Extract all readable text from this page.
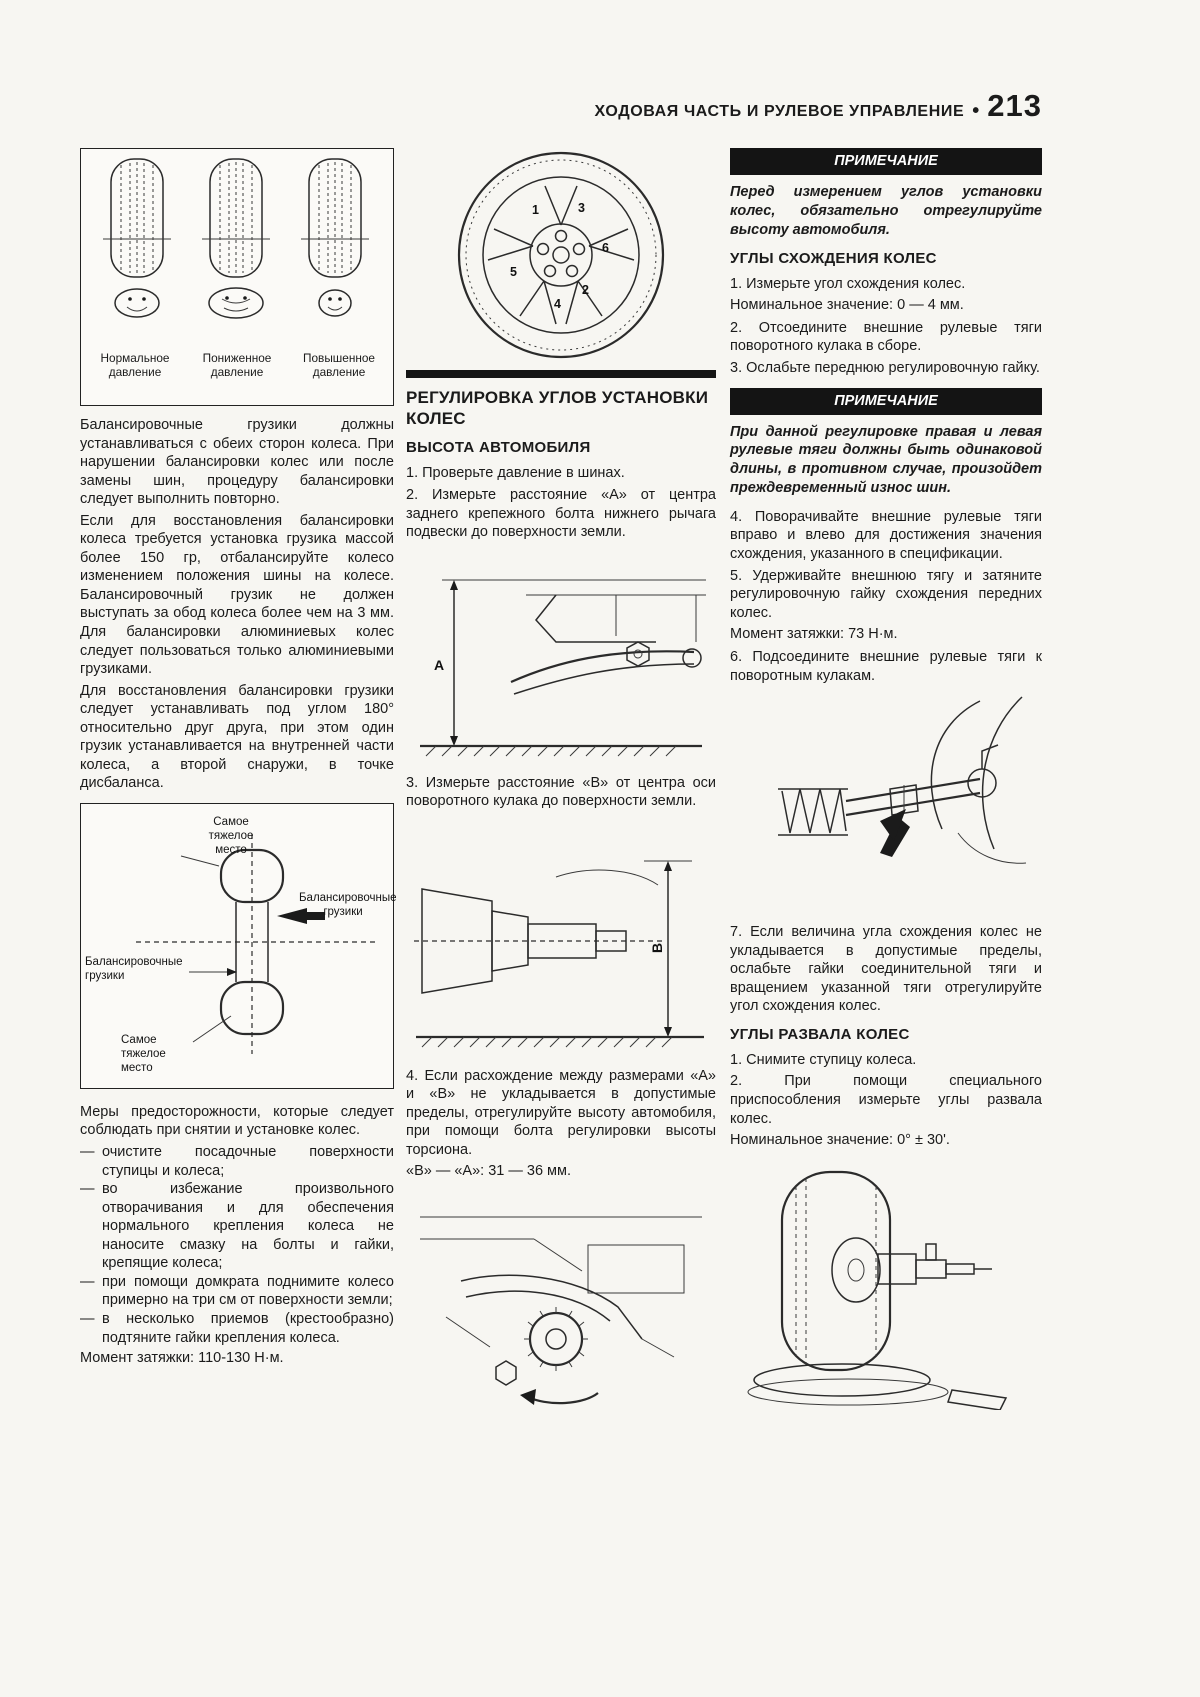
ХОДОВАЯ ЧАСТЬ И РУЛЕВОЕ УПРАВЛЕНИЕ • 213
Нормальное давление
Пониженное давление
Повышенное давление
Балансировочные грузики должны устанавливаться с обеих сторон колеса. При нарушении балансировки колес или после замены шин, процедуру балансировки следует выполнить повторно.
Если для восстановления балансировки колеса требуется установка грузика массой более 150 гр, отбалансируйте колесо изменением положения шины на колесе. Балансировочный грузик не должен выступать за обод колеса более чем на 3 мм. Для балансировки алюминиевых колес следует пользоваться только алюминиевыми грузиками.
Для восстановления балансировки грузики следует устанавливать под углом 180° относительно друг друга, при этом один грузик устанавливается на внутренней части колеса, а второй снаружи, в точке дисбаланса.
Самое тяжелое место
Балансировочные грузики
Балансировочные грузики
Самое тяжелое место
Меры предосторожности, которые следует соблюдать при снятии и установке колес.
— очистите посадочные поверхности ступицы и колеса;
— во избежание произвольного отворачивания и для обеспечения нормального крепления колеса не наносите смазку на болты и гайки, крепящие колеса;
— при помощи домкрата поднимите колесо примерно на три см от поверхности земли;
— в несколько приемов (крестообразно) подтяните гайки крепления колеса.
Момент затяжки: 110-130 Н·м.
1	3
6
5
4
2
РЕГУЛИРОВКА УГЛОВ УСТАНОВКИ КОЛЕС
ВЫСОТА АВТОМОБИЛЯ
1. Проверьте давление в шинах.
2. Измерьте расстояние «А» от центра заднего крепежного болта нижнего рычага подвески до поверхности земли.
А
3. Измерьте расстояние «В» от центра оси поворотного кулака до поверхности земли.
В
4. Если расхождение между размерами «А» и «В» не укладывается в допустимые пределы, отрегулируйте высоту автомобиля, при помощи болта регулировки высоты торсиона.
«В» — «А»: 31 — 36 мм.
ПРИМЕЧАНИЕ
Перед измерением углов установки колес, обязательно отрегулируйте высоту автомобиля.
УГЛЫ СХОЖДЕНИЯ КОЛЕС
1. Измерьте угол схождения колес.
Номинальное значение: 0 — 4 мм.
2. Отсоедините внешние рулевые тяги поворотного кулака в сборе.
3. Ослабьте переднюю регулировочную гайку.
ПРИМЕЧАНИЕ
При данной регулировке правая и левая рулевые тяги должны быть одинаковой длины, в противном случае, произойдет преждевременный износ шин.
4. Поворачивайте внешние рулевые тяги вправо и влево для достижения значения схождения, указанного в спецификации.
5. Удерживайте внешнюю тягу и затяните регулировочную гайку схождения передних колес.
Момент затяжки: 73 Н·м.
6. Подсоедините внешние рулевые тяги к поворотным кулакам.
7. Если величина угла схождения колес не укладывается в допустимые пределы, ослабьте гайки соединительной тяги и вращением указанной тяги отрегулируйте угол схождения колес.
УГЛЫ РАЗВАЛА КОЛЕС
1. Снимите ступицу колеса.
2. При помощи специального приспособления измерьте углы развала колес.
Номинальное значение: 0° ± 30'.
